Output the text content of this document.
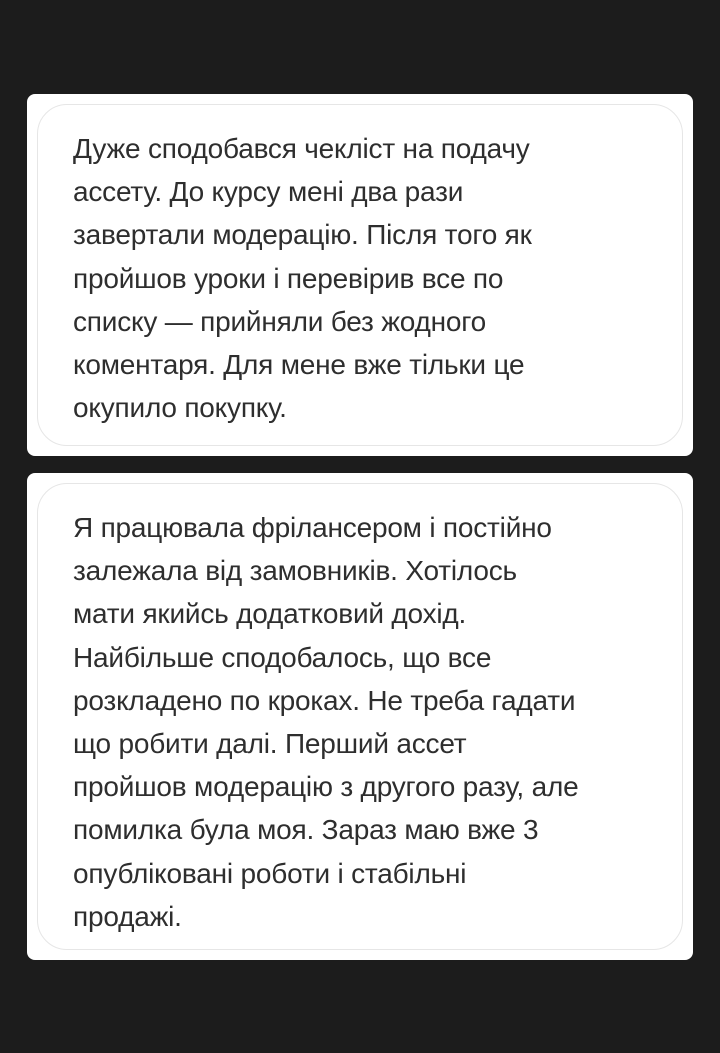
Дуже сподобався чекліст на подачу
ассету. До курсу мені два рази
завертали модерацію. Після того як
пройшов уроки і перевірив все по
списку — прийняли без жодного
коментаря. Для мене вже тільки це
окупило покупку.

Я працювала фрілансером і постійно
залежала від замовників. Хотілось
мати якийсь додатковий дохід.
Найбільше сподобалось, що все
розкладено по кроках. Не треба гадати
що робити далі. Перший ассет
пройшов модерацію з другого разу, але
помилка була моя. Зараз маю вже 3
опубліковані роботи і стабільні
продажі.
